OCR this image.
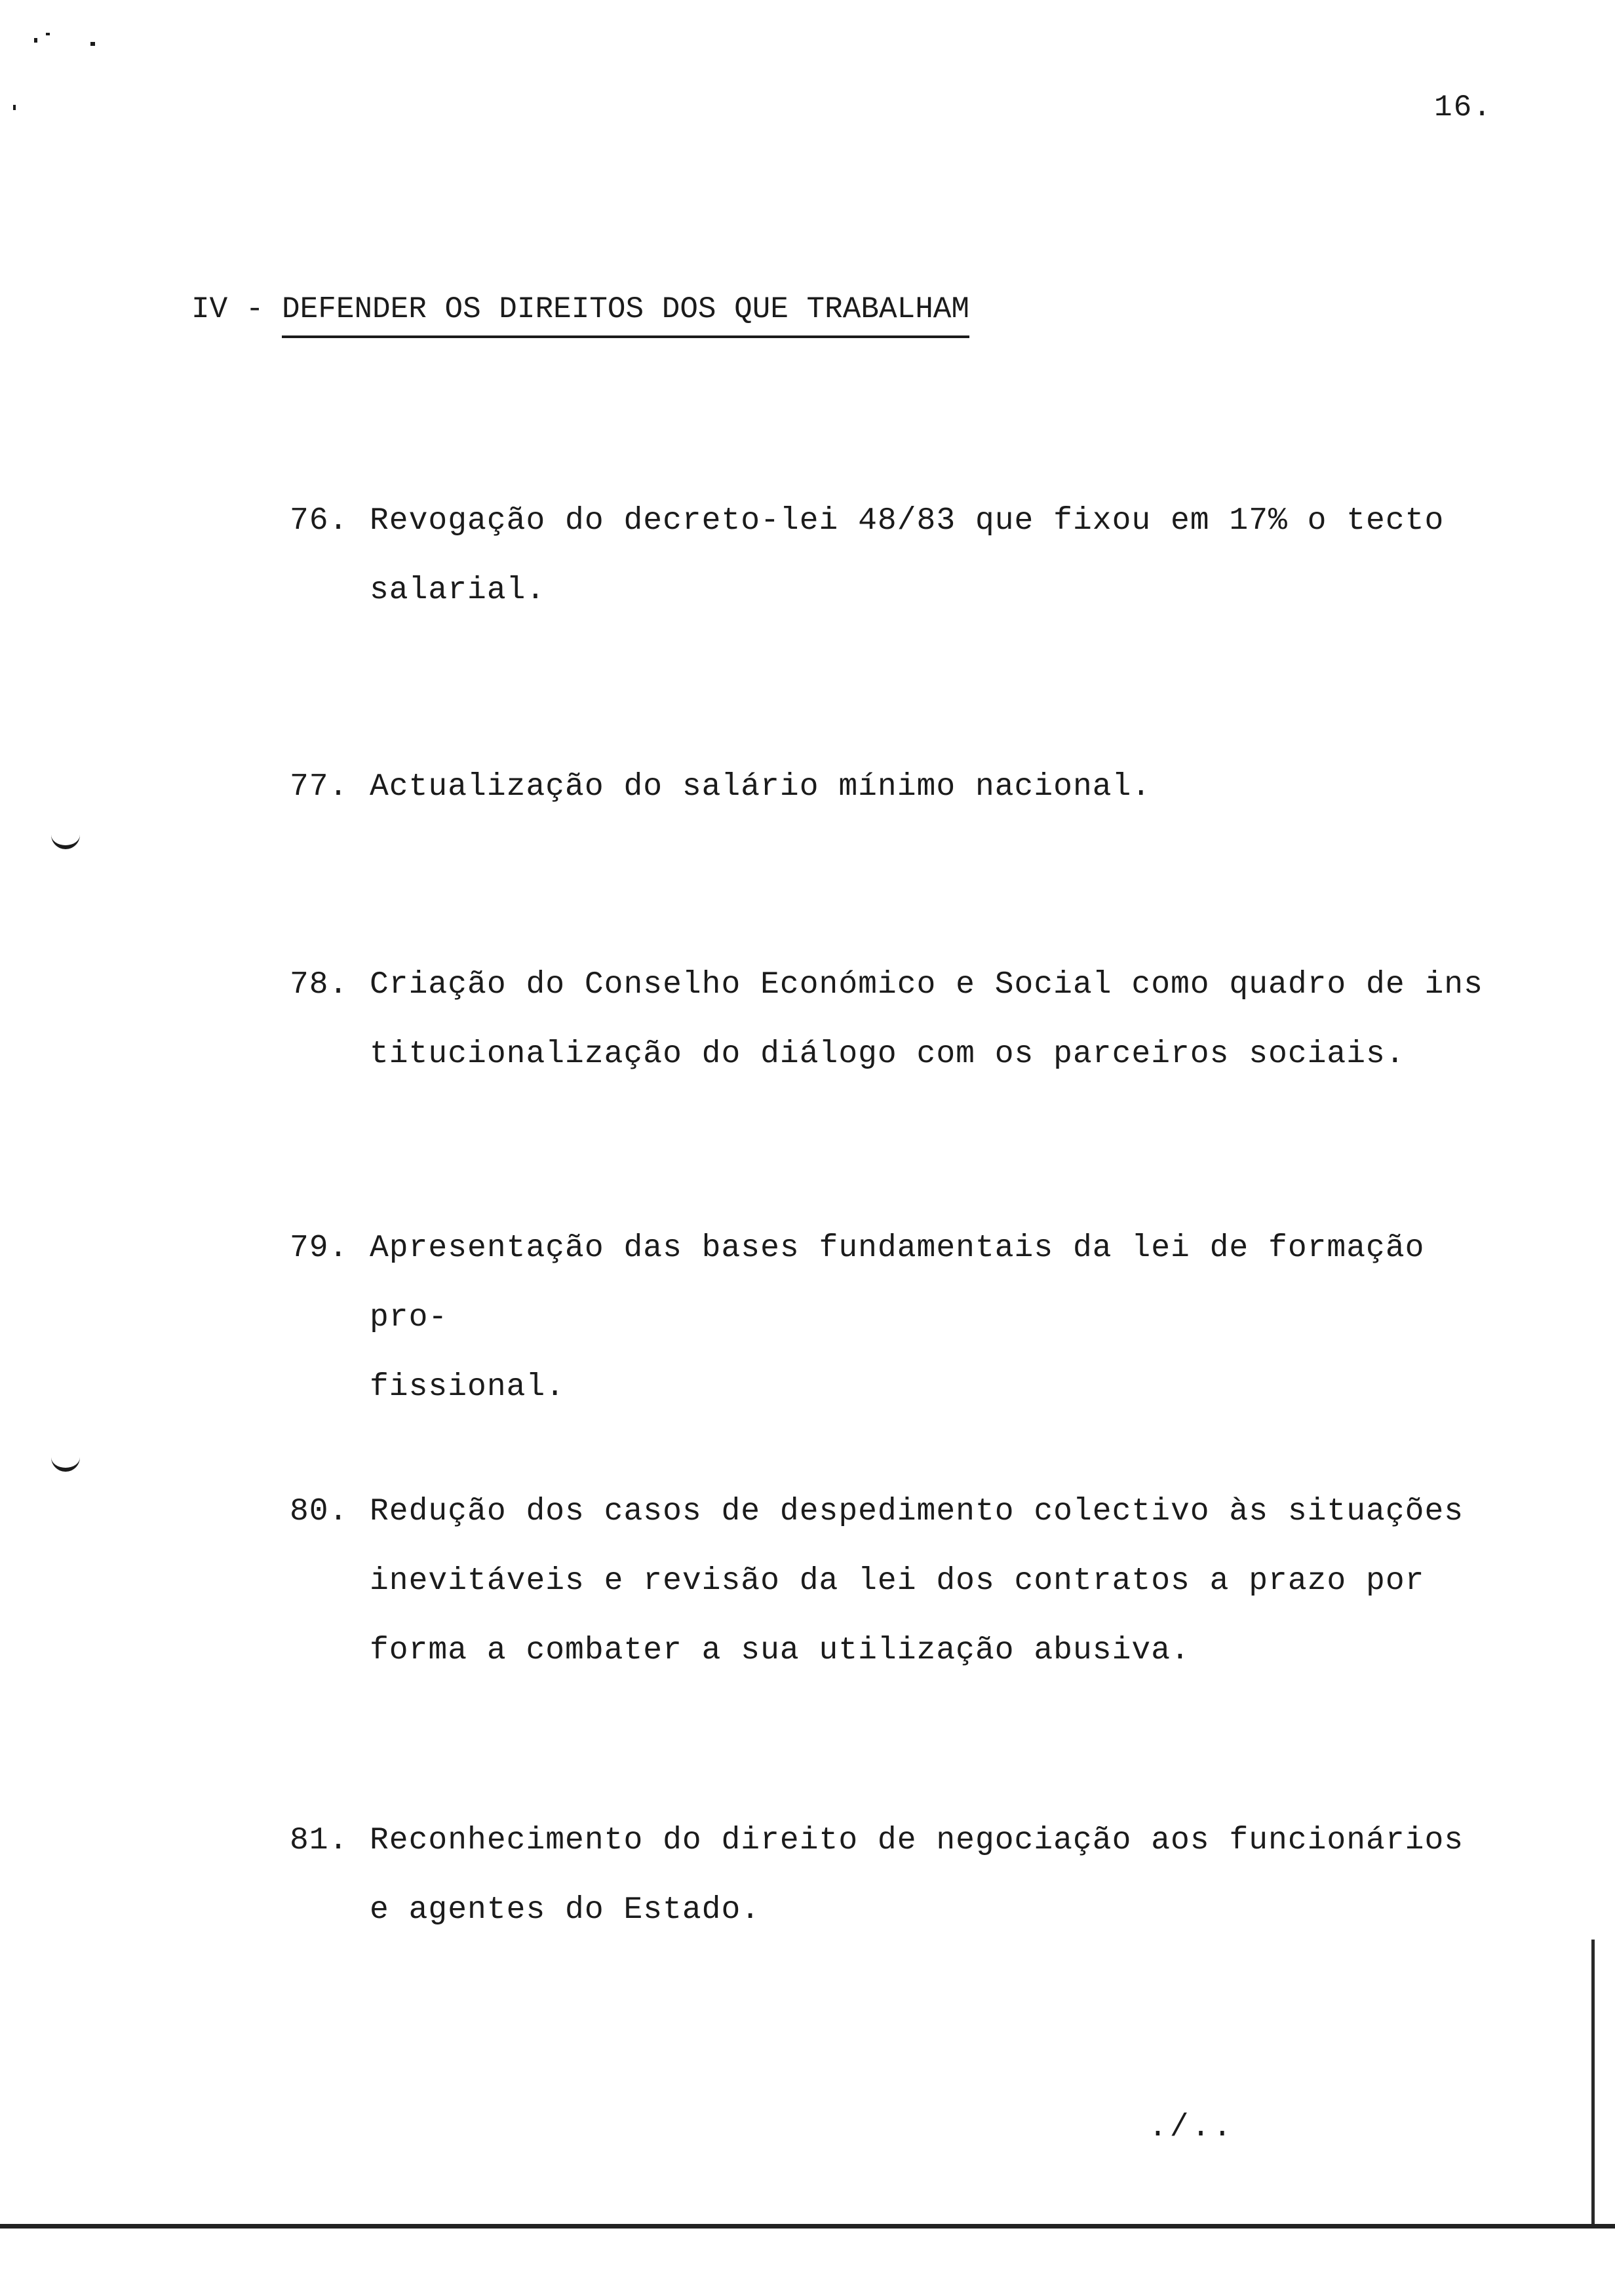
16.
IV - DEFENDER OS DIREITOS DOS QUE TRABALHAM
76. Revogação do decreto-lei 48/83 que fixou em 17% o tecto
salarial.
77. Actualização do salário mínimo nacional.
78. Criação do Conselho Económico e Social como quadro de ins
titucionalização do diálogo com os parceiros sociais.
79. Apresentação das bases fundamentais da lei de formação pro-
fissional.
80. Redução dos casos de despedimento colectivo às situações
inevitáveis e revisão da lei dos contratos a prazo por
forma a combater a sua utilização abusiva.
81. Reconhecimento do direito de negociação aos funcionários
e agentes do Estado.
./..
